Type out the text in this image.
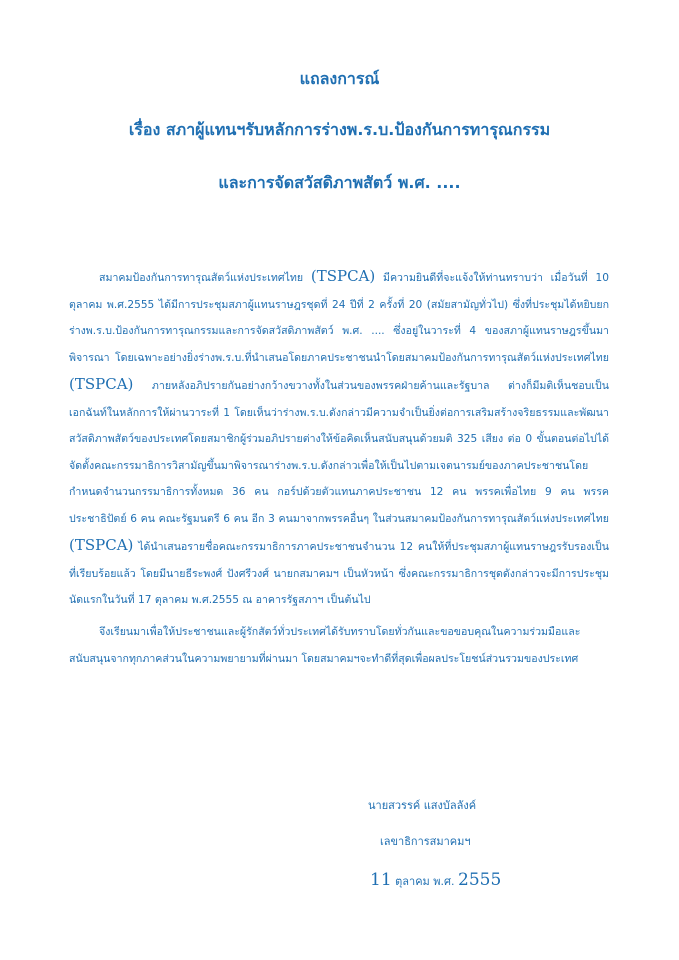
แถลงการณ์
เรื่อง สภาผู้แทนฯรับหลักการร่างพ.ร.บ.ป้องกันการทารุณกรรม
และการจัดสวัสดิภาพสัตว์ พ.ศ. ....
สมาคมป้องกันการทารุณสัตว์แห่งประเทศไทย (TSPCA) มีความยินดีที่จะแจ้งให้ท่านทราบว่า เมื่อวันที่ 10 ตุลาคม พ.ศ.2555 ได้มีการประชุมสภาผู้แทนราษฎรชุดที่ 24 ปีที่ 2 ครั้งที่ 20 (สมัยสามัญทั่วไป) ซึ่งที่ประชุมได้หยิบยกร่างพ.ร.บ.ป้องกันการทารุณกรรมและการจัดสวัสดิภาพสัตว์ พ.ศ. .... ซึ่งอยู่ในวาระที่ 4 ของสภาผู้แทนราษฎรขึ้นมาพิจารณา โดยเฉพาะอย่างยิ่งร่างพ.ร.บ.ที่นำเสนอโดยภาคประชาชนนำโดยสมาคมป้องกันการทารุณสัตว์แห่งประเทศไทย (TSPCA) ภายหลังอภิปรายกันอย่างกว้างขวางทั้งในส่วนของพรรคฝ่ายค้านและรัฐบาล ต่างก็มีมติเห็นชอบเป็นเอกฉันท์ในหลักการให้ผ่านวาระที่ 1 โดยเห็นว่าร่างพ.ร.บ.ดังกล่าวมีความจำเป็นยิ่งต่อการเสริมสร้างจริยธรรมและพัฒนาสวัสดิภาพสัตว์ของประเทศโดยสมาชิกผู้ร่วมอภิปรายต่างให้ข้อคิดเห็นสนับสนุนด้วยมติ 325 เสียง ต่อ 0 ขั้นตอนต่อไปได้จัดตั้งคณะกรรมาธิการวิสามัญขึ้นมาพิจารณาร่างพ.ร.บ.ดังกล่าวเพื่อให้เป็นไปตามเจตนารมย์ของภาคประชาชนโดยกำหนดจำนวนกรรมาธิการทั้งหมด 36 คน กอร์ปด้วยตัวแทนภาคประชาชน 12 คน พรรคเพื่อไทย 9 คน พรรคประชาธิปัตย์ 6 คน คณะรัฐมนตรี 6 คน อีก 3 คนมาจากพรรคอื่นๆ ในส่วนสมาคมป้องกันการทารุณสัตว์แห่งประเทศไทย (TSPCA) ได้นำเสนอรายชื่อคณะกรรมาธิการภาคประชาชนจำนวน 12 คนให้ที่ประชุมสภาผู้แทนราษฎรรับรองเป็นที่เรียบร้อยแล้ว โดยมีนายธีระพงศ์ ปังศรีวงศ์ นายกสมาคมฯ เป็นหัวหน้า ซึ่งคณะกรรมาธิการชุดดังกล่าวจะมีการประชุมนัดแรกในวันที่ 17 ตุลาคม พ.ศ.2555 ณ อาคารรัฐสภาฯ เป็นต้นไป
จึงเรียนมาเพื่อให้ประชาชนและผู้รักสัตว์ทั่วประเทศได้รับทราบโดยทั่วกันและขอขอบคุณในความร่วมมือและสนับสนุนจากทุกภาคส่วนในความพยายามที่ผ่านมา โดยสมาคมฯจะทำดีที่สุดเพื่อผลประโยชน์ส่วนรวมของประเทศ
นายสวรรค์ แสงบัลลังค์
เลขาธิการสมาคมฯ
11 ตุลาคม พ.ศ. 2555
